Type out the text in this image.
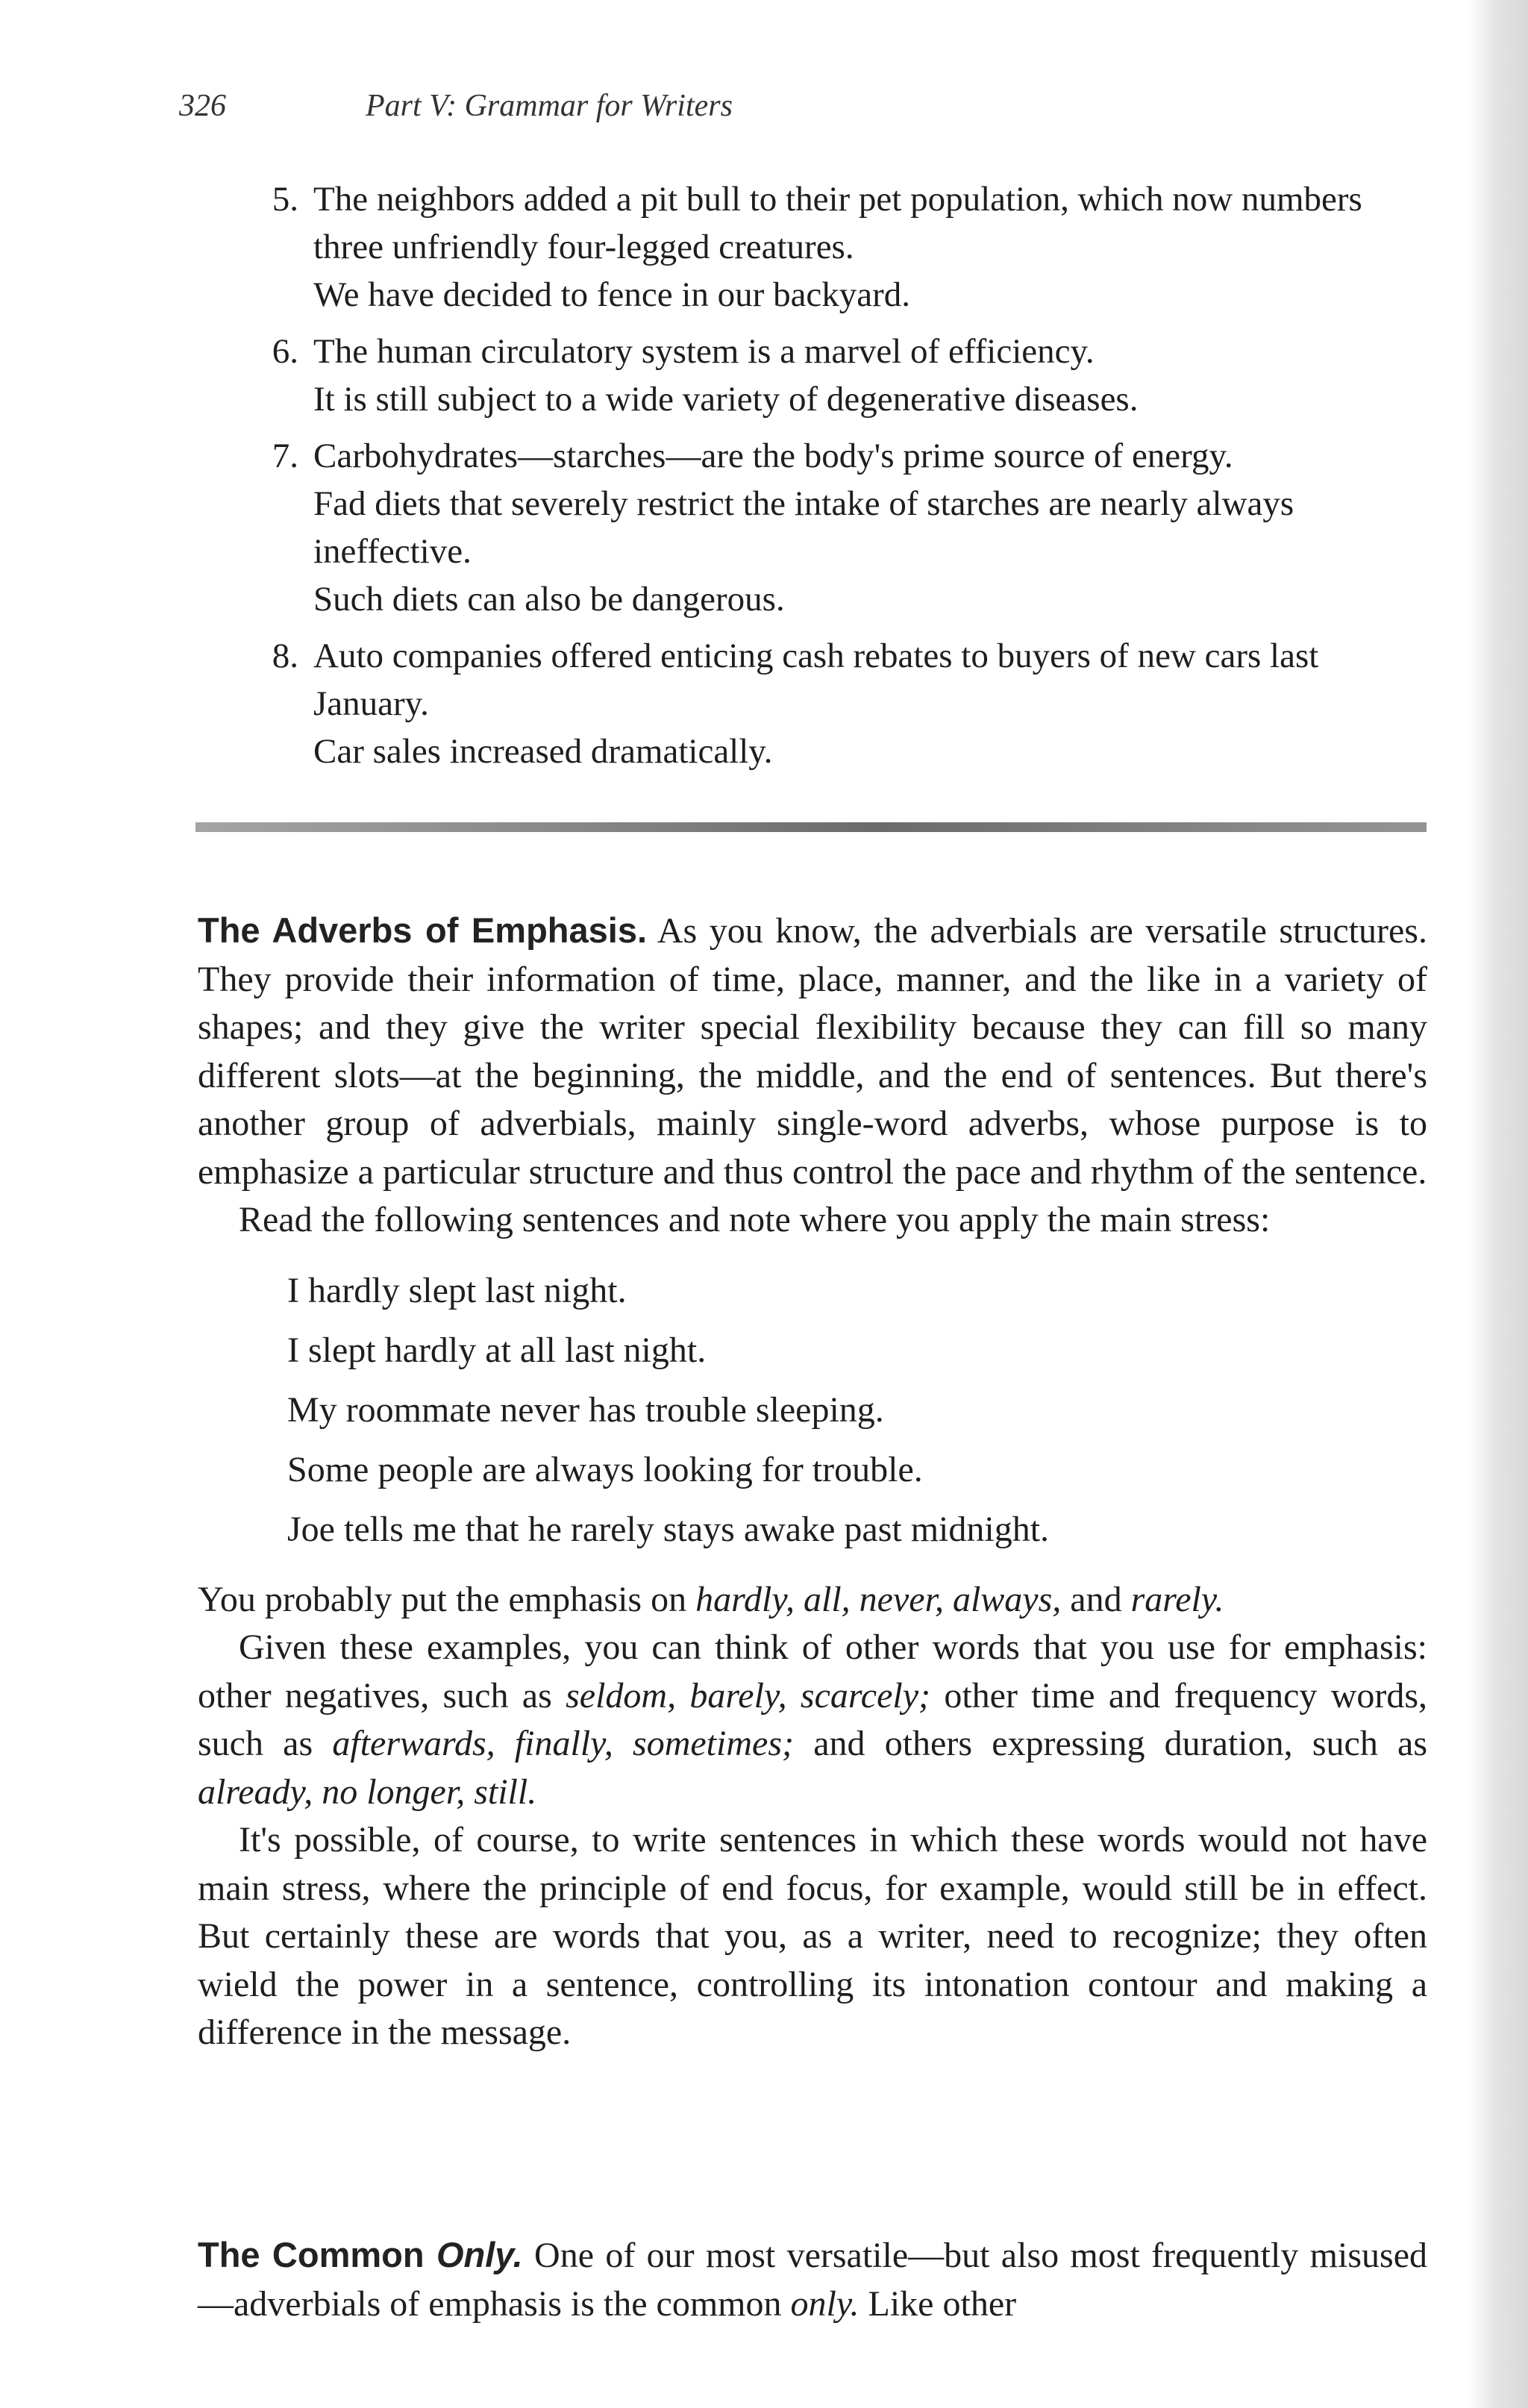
326	Part V: Grammar for Writers
5. The neighbors added a pit bull to their pet population, which now numbers three unfriendly four-legged creatures.
We have decided to fence in our backyard.
6. The human circulatory system is a marvel of efficiency.
It is still subject to a wide variety of degenerative diseases.
7. Carbohydrates—starches—are the body's prime source of energy.
Fad diets that severely restrict the intake of starches are nearly always ineffective.
Such diets can also be dangerous.
8. Auto companies offered enticing cash rebates to buyers of new cars last January.
Car sales increased dramatically.

The Adverbs of Emphasis. As you know, the adverbials are versatile structures. They provide their information of time, place, manner, and the like in a variety of shapes; and they give the writer special flexibility because they can fill so many different slots—at the beginning, the middle, and the end of sentences. But there's another group of adverbials, mainly single-word adverbs, whose purpose is to emphasize a particular structure and thus control the pace and rhythm of the sentence.

Read the following sentences and note where you apply the main stress:

I hardly slept last night.
I slept hardly at all last night.
My roommate never has trouble sleeping.
Some people are always looking for trouble.
Joe tells me that he rarely stays awake past midnight.

You probably put the emphasis on hardly, all, never, always, and rarely.

Given these examples, you can think of other words that you use for emphasis: other negatives, such as seldom, barely, scarcely; other time and frequency words, such as afterwards, finally, sometimes; and others expressing duration, such as already, no longer, still.

It's possible, of course, to write sentences in which these words would not have main stress, where the principle of end focus, for example, would still be in effect. But certainly these are words that you, as a writer, need to recognize; they often wield the power in a sentence, controlling its intonation contour and making a difference in the message.

The Common Only. One of our most versatile—but also most frequently misused—adverbials of emphasis is the common only. Like other
